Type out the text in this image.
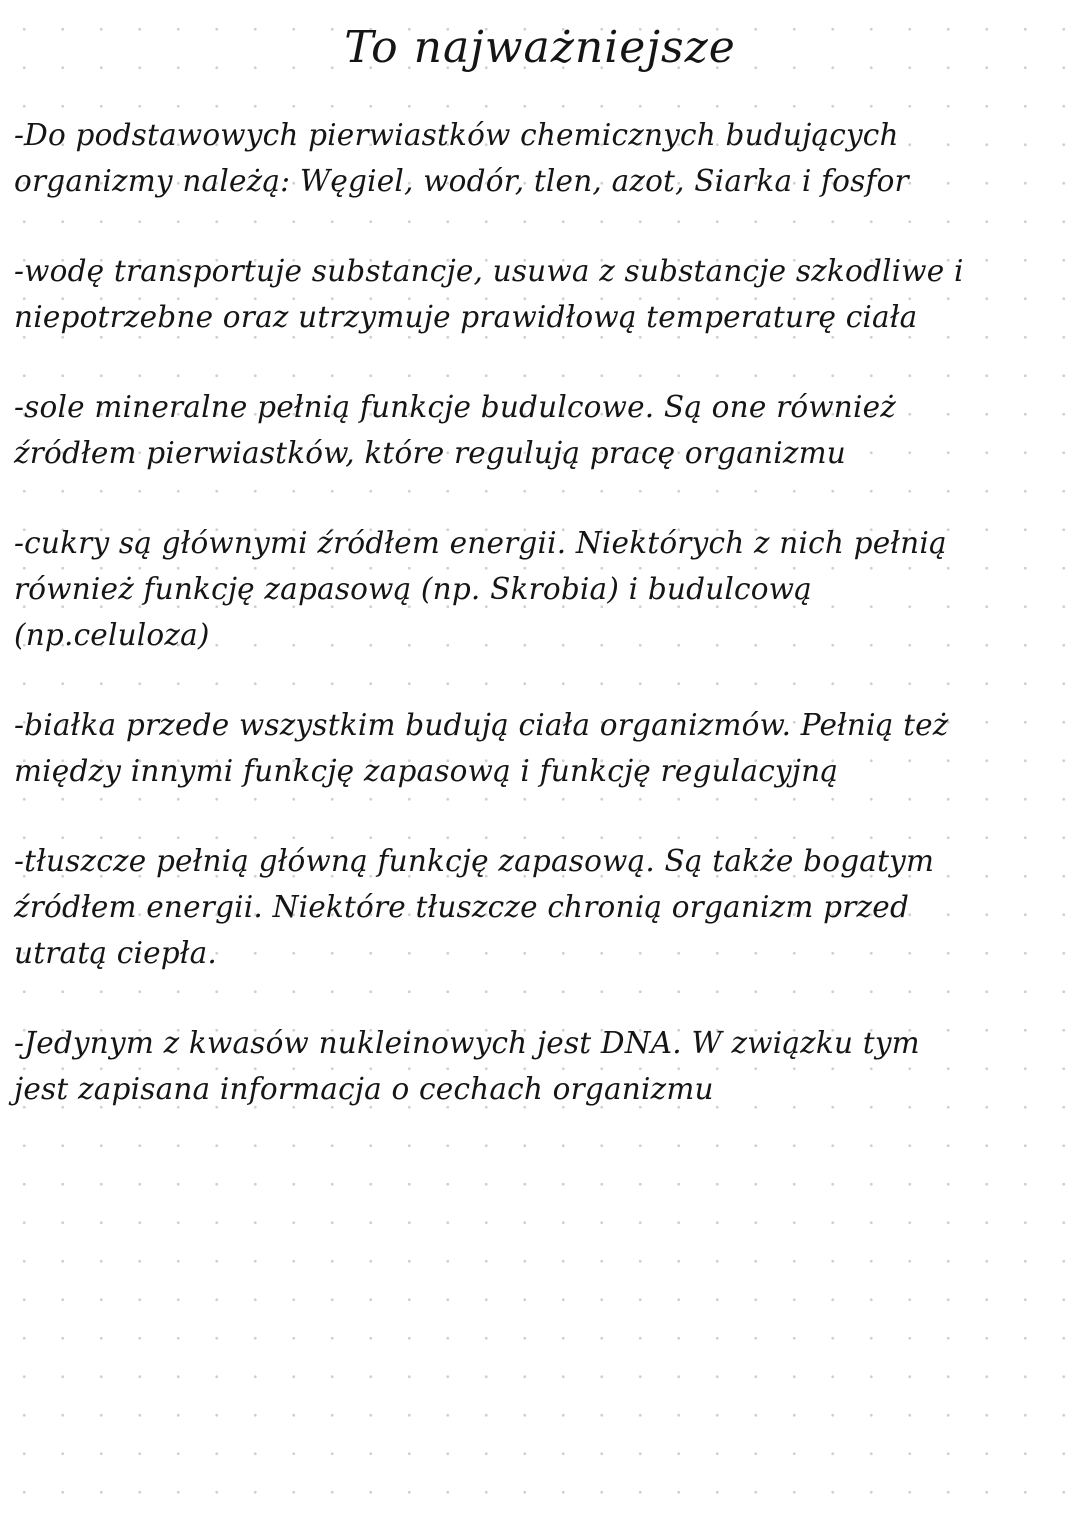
To najważniejsze

-Do podstawowych pierwiastków chemicznych budujących
organizmy należą: Węgiel, wodór, tlen, azot, Siarka i fosfor

-wodę transportuje substancje, usuwa z substancje szkodliwe i
niepotrzebne oraz utrzymuje prawidłową temperaturę ciała

-sole mineralne pełnią funkcje budulcowe. Są one również
źródłem pierwiastków, które regulują pracę organizmu

-cukry są głównymi źródłem energii. Niektórych z nich pełnią
również funkcję zapasową (np. Skrobia) i budulcową
(np.celuloza)

-białka przede wszystkim budują ciała organizmów. Pełnią też
między innymi funkcję zapasową i funkcję regulacyjną

-tłuszcze pełnią główną funkcję zapasową. Są także bogatym
źródłem energii. Niektóre tłuszcze chronią organizm przed
utratą ciepła.

-Jedynym z kwasów nukleinowych jest DNA. W związku tym
jest zapisana informacja o cechach organizmu
